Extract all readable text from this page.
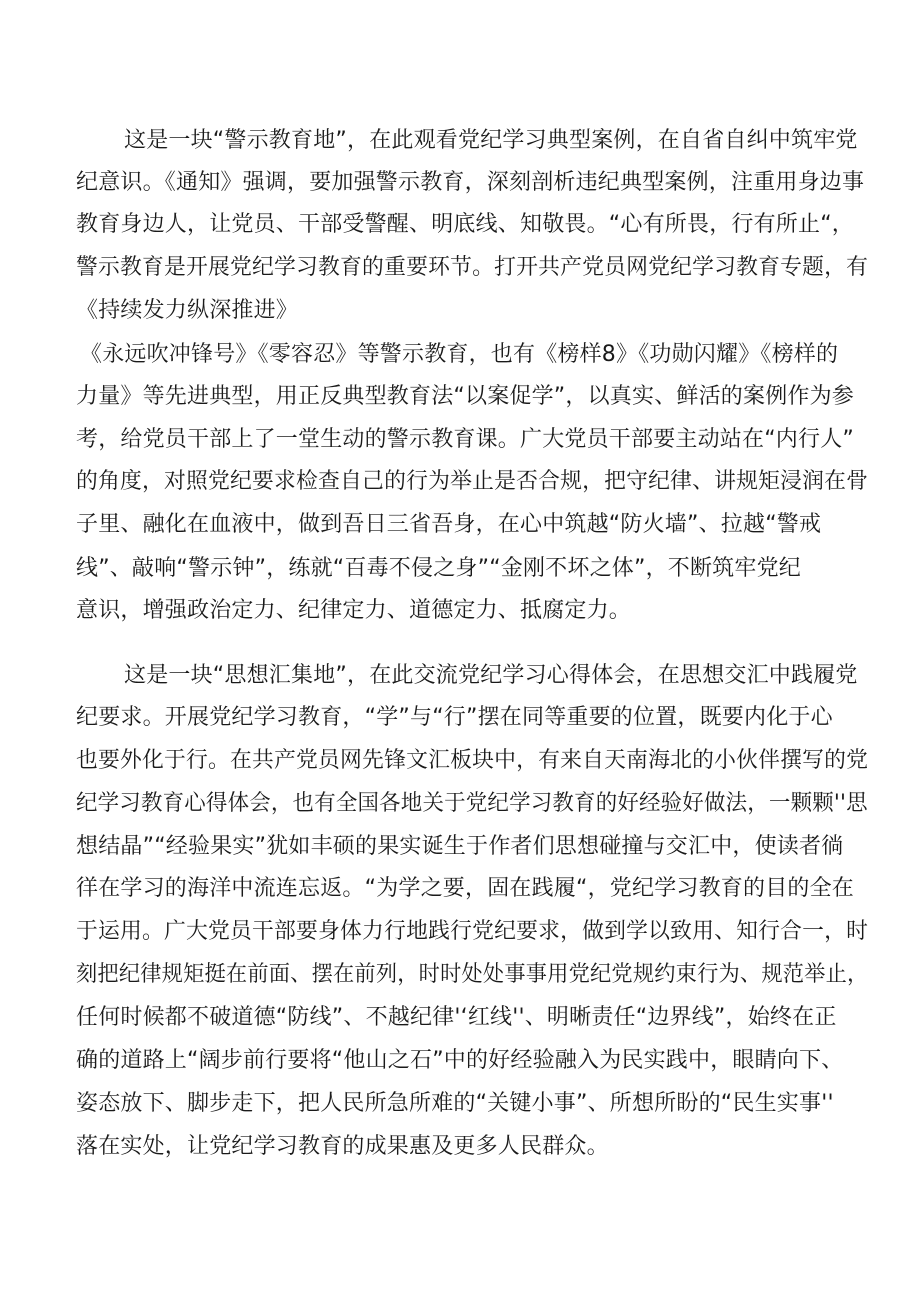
这是一块“警示教育地”，在此观看党纪学习典型案例，在自省自纠中筑牢党
纪意识。《通知》强调，要加强警示教育，深刻剖析违纪典型案例，注重用身边事
教育身边人，让党员、干部受警醒、明底线、知敬畏。“心有所畏，行有所止“，
警示教育是开展党纪学习教育的重要环节。打开共产党员网党纪学习教育专题，有
《持续发力纵深推进》
《永远吹冲锋号》《零容忍》等警示教育，也有《榜样8》《功勋闪耀》《榜样的
力量》等先进典型，用正反典型教育法“以案促学”，以真实、鲜活的案例作为参
考，给党员干部上了一堂生动的警示教育课。广大党员干部要主动站在“内行人”
的角度，对照党纪要求检查自己的行为举止是否合规，把守纪律、讲规矩浸润在骨
子里、融化在血液中，做到吾日三省吾身，在心中筑越“防火墙”、拉越“警戒
线”、敲响“警示钟”，练就“百毒不侵之身”“金刚不坏之体”，不断筑牢党纪
意识，增强政治定力、纪律定力、道德定力、抵腐定力。
这是一块“思想汇集地”，在此交流党纪学习心得体会，在思想交汇中践履党
纪要求。开展党纪学习教育，“学”与“行”摆在同等重要的位置，既要内化于心
也要外化于行。在共产党员网先锋文汇板块中，有来自天南海北的小伙伴撰写的党
纪学习教育心得体会，也有全国各地关于党纪学习教育的好经验好做法，一颗颗''思
想结晶”“经验果实”犹如丰硕的果实诞生于作者们思想碰撞与交汇中，使读者徜
徉在学习的海洋中流连忘返。“为学之要，固在践履“，党纪学习教育的目的全在
于运用。广大党员干部要身体力行地践行党纪要求，做到学以致用、知行合一，时
刻把纪律规矩挺在前面、摆在前列，时时处处事事用党纪党规约束行为、规范举止，
任何时候都不破道德“防线”、不越纪律'‘红线''、明晰责任“边界线”，始终在正
确的道路上“阔步前行要将“他山之石”中的好经验融入为民实践中，眼睛向下、
姿态放下、脚步走下，把人民所急所难的“关键小事”、所想所盼的“民生实事''
落在实处，让党纪学习教育的成果惠及更多人民群众。
